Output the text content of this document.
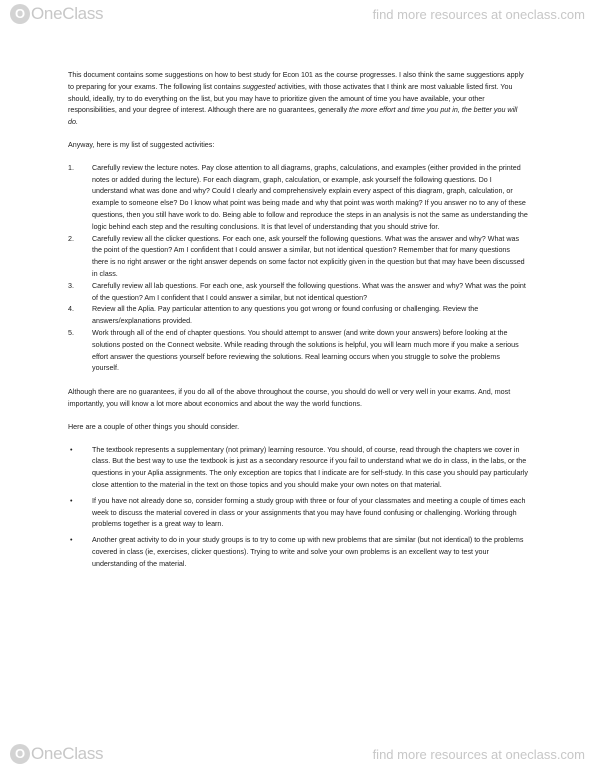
O OneClass	find more resources at oneclass.com

This document contains some suggestions on how to best study for Econ 101 as the course progresses. I also think the same suggestions apply to preparing for your exams. The following list contains suggested activities, with those activates that I think are most valuable listed first. You should, ideally, try to do everything on the list, but you may have to prioritize given the amount of time you have available, your other responsibilities, and your degree of interest. Although there are no guarantees, generally the more effort and time you put in, the better you will do.

Anyway, here is my list of suggested activities:

1.	Carefully review the lecture notes. Pay close attention to all diagrams, graphs, calculations, and examples (either provided in the printed notes or added during the lecture). For each diagram, graph, calculation, or example, ask yourself the following questions. Do I understand what was done and why? Could I clearly and comprehensively explain every aspect of this diagram, graph, calculation, or example to someone else? Do I know what point was being made and why that point was worth making? If you answer no to any of these questions, then you still have work to do. Being able to follow and reproduce the steps in an analysis is not the same as understanding the logic behind each step and the resulting conclusions. It is that level of understanding that you should strive for.
2.	Carefully review all the clicker questions. For each one, ask yourself the following questions. What was the answer and why? What was the point of the question? Am I confident that I could answer a similar, but not identical question? Remember that for many questions there is no right answer or the right answer depends on some factor not explicitly given in the question but that may have been discussed in class.
3.	Carefully review all lab questions. For each one, ask yourself the following questions. What was the answer and why? What was the point of the question? Am I confident that I could answer a similar, but not identical question?
4.	Review all the Aplia. Pay particular attention to any questions you got wrong or found confusing or challenging. Review the answers/explanations provided.
5.	Work through all of the end of chapter questions. You should attempt to answer (and write down your answers) before looking at the solutions posted on the Connect website. While reading through the solutions is helpful, you will learn much more if you make a serious effort answer the questions yourself before reviewing the solutions. Real learning occurs when you struggle to solve the problems yourself.

Although there are no guarantees, if you do all of the above throughout the course, you should do well or very well in your exams. And, most importantly, you will know a lot more about economics and about the way the world functions.

Here are a couple of other things you should consider.

•	The textbook represents a supplementary (not primary) learning resource. You should, of course, read through the chapters we cover in class. But the best way to use the textbook is just as a secondary resource if you fail to understand what we do in class, in the labs, or the questions in your Aplia assignments. The only exception are topics that I indicate are for self-study. In this case you should pay particularly close attention to the material in the text on those topics and you should make your own notes on that material.
•	If you have not already done so, consider forming a study group with three or four of your classmates and meeting a couple of times each week to discuss the material covered in class or your assignments that you may have found confusing or challenging. Working through problems together is a great way to learn.
•	Another great activity to do in your study groups is to try to come up with new problems that are similar (but not identical) to the problems covered in class (ie, exercises, clicker questions). Trying to write and solve your own problems is an excellent way to test your understanding of the material.
O OneClass	find more resources at oneclass.com
